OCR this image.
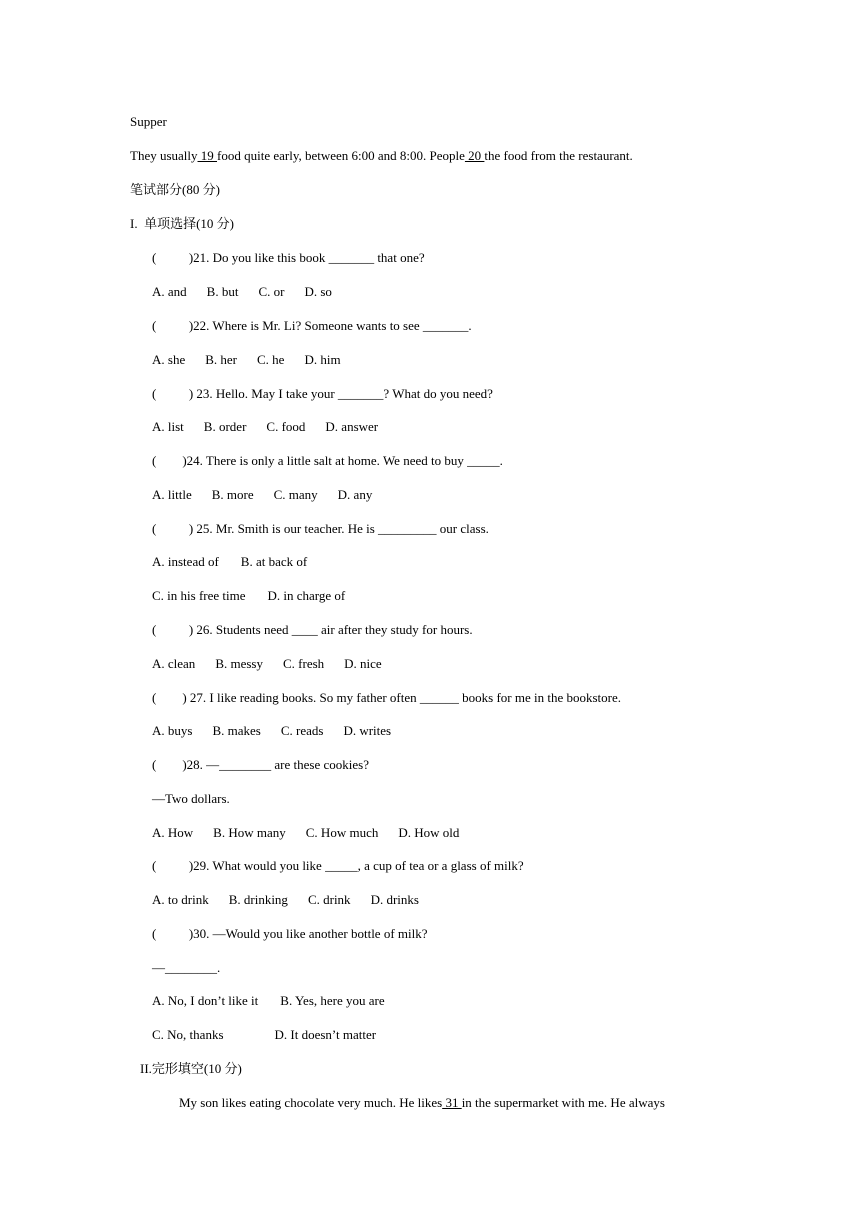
Supper
They usually 19 food quite early, between 6:00 and 8:00. People 20 the food from the restaurant.
笔试部分(80 分)
I.  单项选择(10 分)
(          )21. Do you like this book _______ that one?
A. and B. but C. or D. so
(          )22. Where is Mr. Li? Someone wants to see _______.
A. she B. her C. he D. him
(          ) 23. Hello. May I take your _______? What do you need?
A. list B. order C. food D. answer
(        )24. There is only a little salt at home. We need to buy _____.
A. little B. more C. many D. any
(          ) 25. Mr. Smith is our teacher. He is _________ our class.
A. instead of B. at back of
C. in his free time D. in charge of
(          ) 26. Students need ____ air after they study for hours.
A. clean B. messy C. fresh D. nice
(        ) 27. I like reading books. So my father often ______ books for me in the bookstore.
A. buys B. makes C. reads D. writes
(        )28. —________ are these cookies?
—Two dollars.
A. How B. How many C. How much D. How old
(          )29. What would you like _____, a cup of tea or a glass of milk?
A. to drink B. drinking C. drink D. drinks
(          )30. —Would you like another bottle of milk?
—________.
A. No, I don’t like it B. Yes, here you are
C. No, thanks	D. It doesn’t matter
II.完形填空(10 分)
My son likes eating chocolate very much. He likes 31 in the supermarket with me. He always
